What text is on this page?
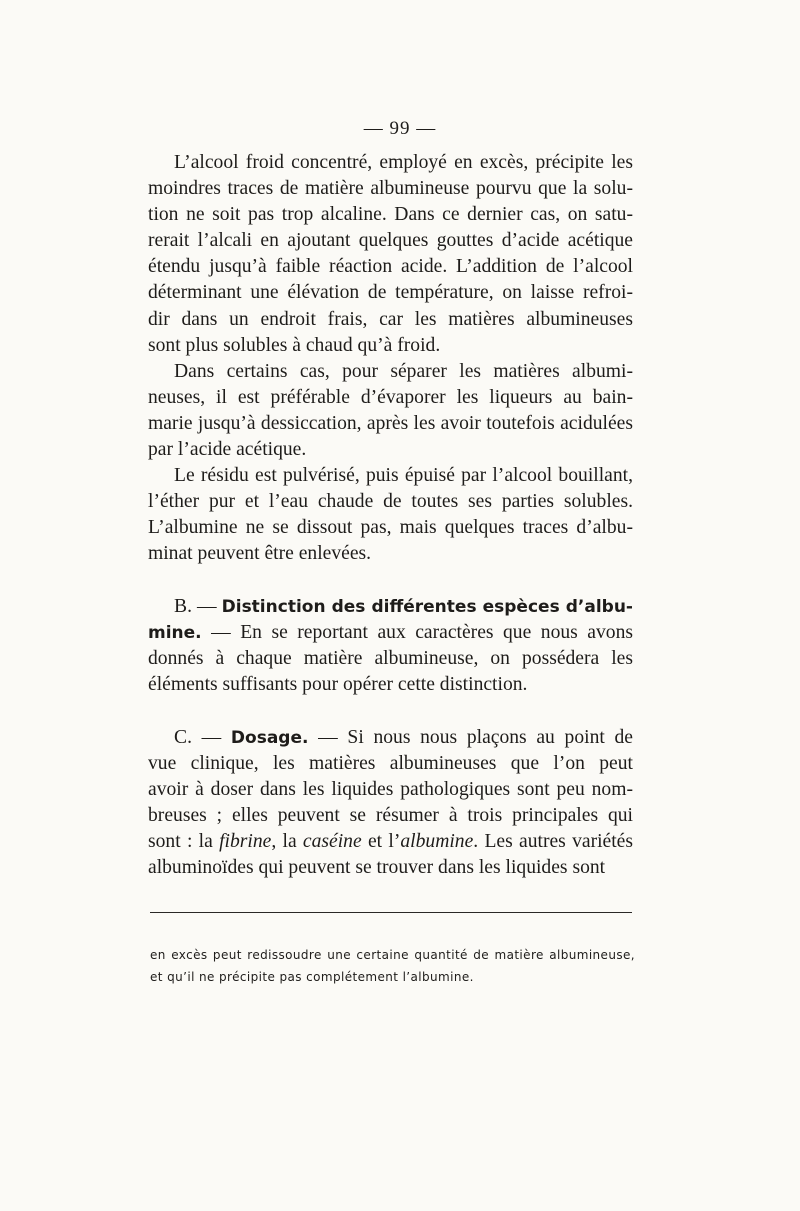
— 99 —
L’alcool froid concentré, employé en excès, précipite les
moindres traces de matière albumineuse pourvu que la solu-
tion ne soit pas trop alcaline. Dans ce dernier cas, on satu-
rerait l’alcali en ajoutant quelques gouttes d’acide acétique
étendu jusqu’à faible réaction acide. L’addition de l’alcool
déterminant une élévation de température, on laisse refroi-
dir dans un endroit frais, car les matières albumineuses
sont plus solubles à chaud qu’à froid.
Dans certains cas, pour séparer les matières albumi-
neuses, il est préférable d’évaporer les liqueurs au bain-
marie jusqu’à dessiccation, après les avoir toutefois acidulées
par l’acide acétique.
Le résidu est pulvérisé, puis épuisé par l’alcool bouillant,
l’éther pur et l’eau chaude de toutes ses parties solubles.
L’albumine ne se dissout pas, mais quelques traces d’albu-
minat peuvent être enlevées.
B. — Distinction des différentes espèces d’albu-
mine. — En se reportant aux caractères que nous avons
donnés à chaque matière albumineuse, on possédera les
éléments suffisants pour opérer cette distinction.
C. — Dosage. — Si nous nous plaçons au point de
vue clinique, les matières albumineuses que l’on peut
avoir à doser dans les liquides pathologiques sont peu nom-
breuses ; elles peuvent se résumer à trois principales qui
sont : la fibrine, la caséine et l’albumine. Les autres variétés
albuminoïdes qui peuvent se trouver dans les liquides sont
en excès peut redissoudre une certaine quantité de matière albumineuse,
et qu’il ne précipite pas complétement l’albumine.
